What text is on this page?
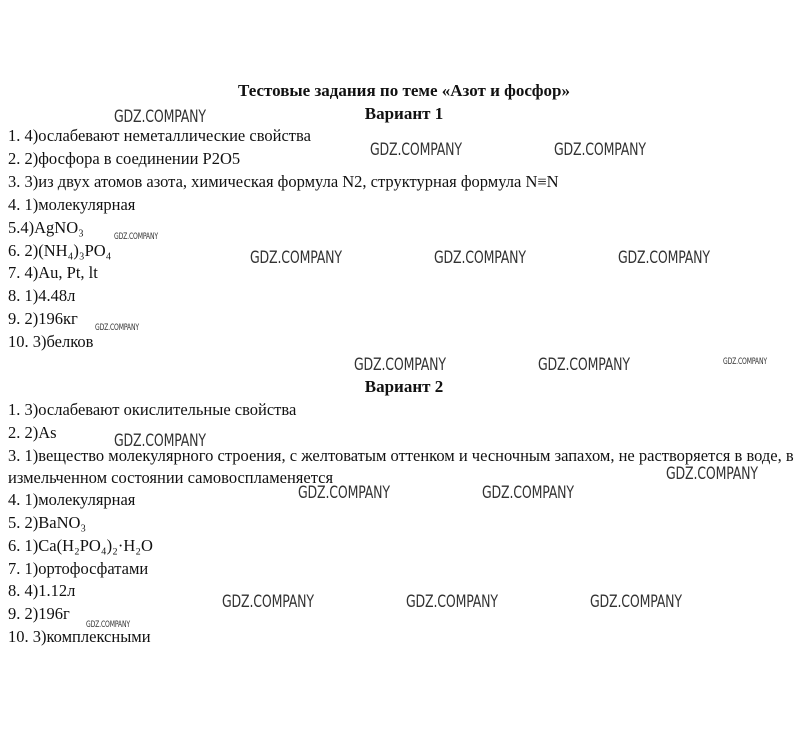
Тестовые задания по теме «Азот и фосфор»
Вариант 1
1. 4)ослабевают неметаллические свойства
2. 2)фосфора в соединении P2O5
3. 3)из двух атомов азота, химическая формула N2, структурная формула N≡N
4. 1)молекулярная
5.4)AgNO₃
6. 2)(NH₄)₃PO₄
7. 4)Au, Pt, lt
8. 1)4.48л
9. 2)196кг
10. 3)белков
Вариант 2
1. 3)ослабевают окислительные свойства
2. 2)As
3. 1)вещество молекулярного строения, с желтоватым оттенком и чесночным запахом, не растворяется в воде, в измельченном состоянии самовоспламеняется
4. 1)молекулярная
5. 2)BaNO₃
6. 1)Ca(H₂PO₄)₂·H₂O
7. 1)ортофосфатами
8. 4)1.12л
9. 2)196г
10. 3)комплексными
GDZ.COMPANY
GDZ.COMPANY	GDZ.COMPANY
GDZ.COMPANY
GDZ.COMPANY	GDZ.COMPANY	GDZ.COMPANY
GDZ.COMPANY
GDZ.COMPANY	GDZ.COMPANY	GDZ.COMPANY
GDZ.COMPANY
GDZ.COMPANY
GDZ.COMPANY	GDZ.COMPANY
GDZ.COMPANY	GDZ.COMPANY	GDZ.COMPANY
GDZ.COMPANY
